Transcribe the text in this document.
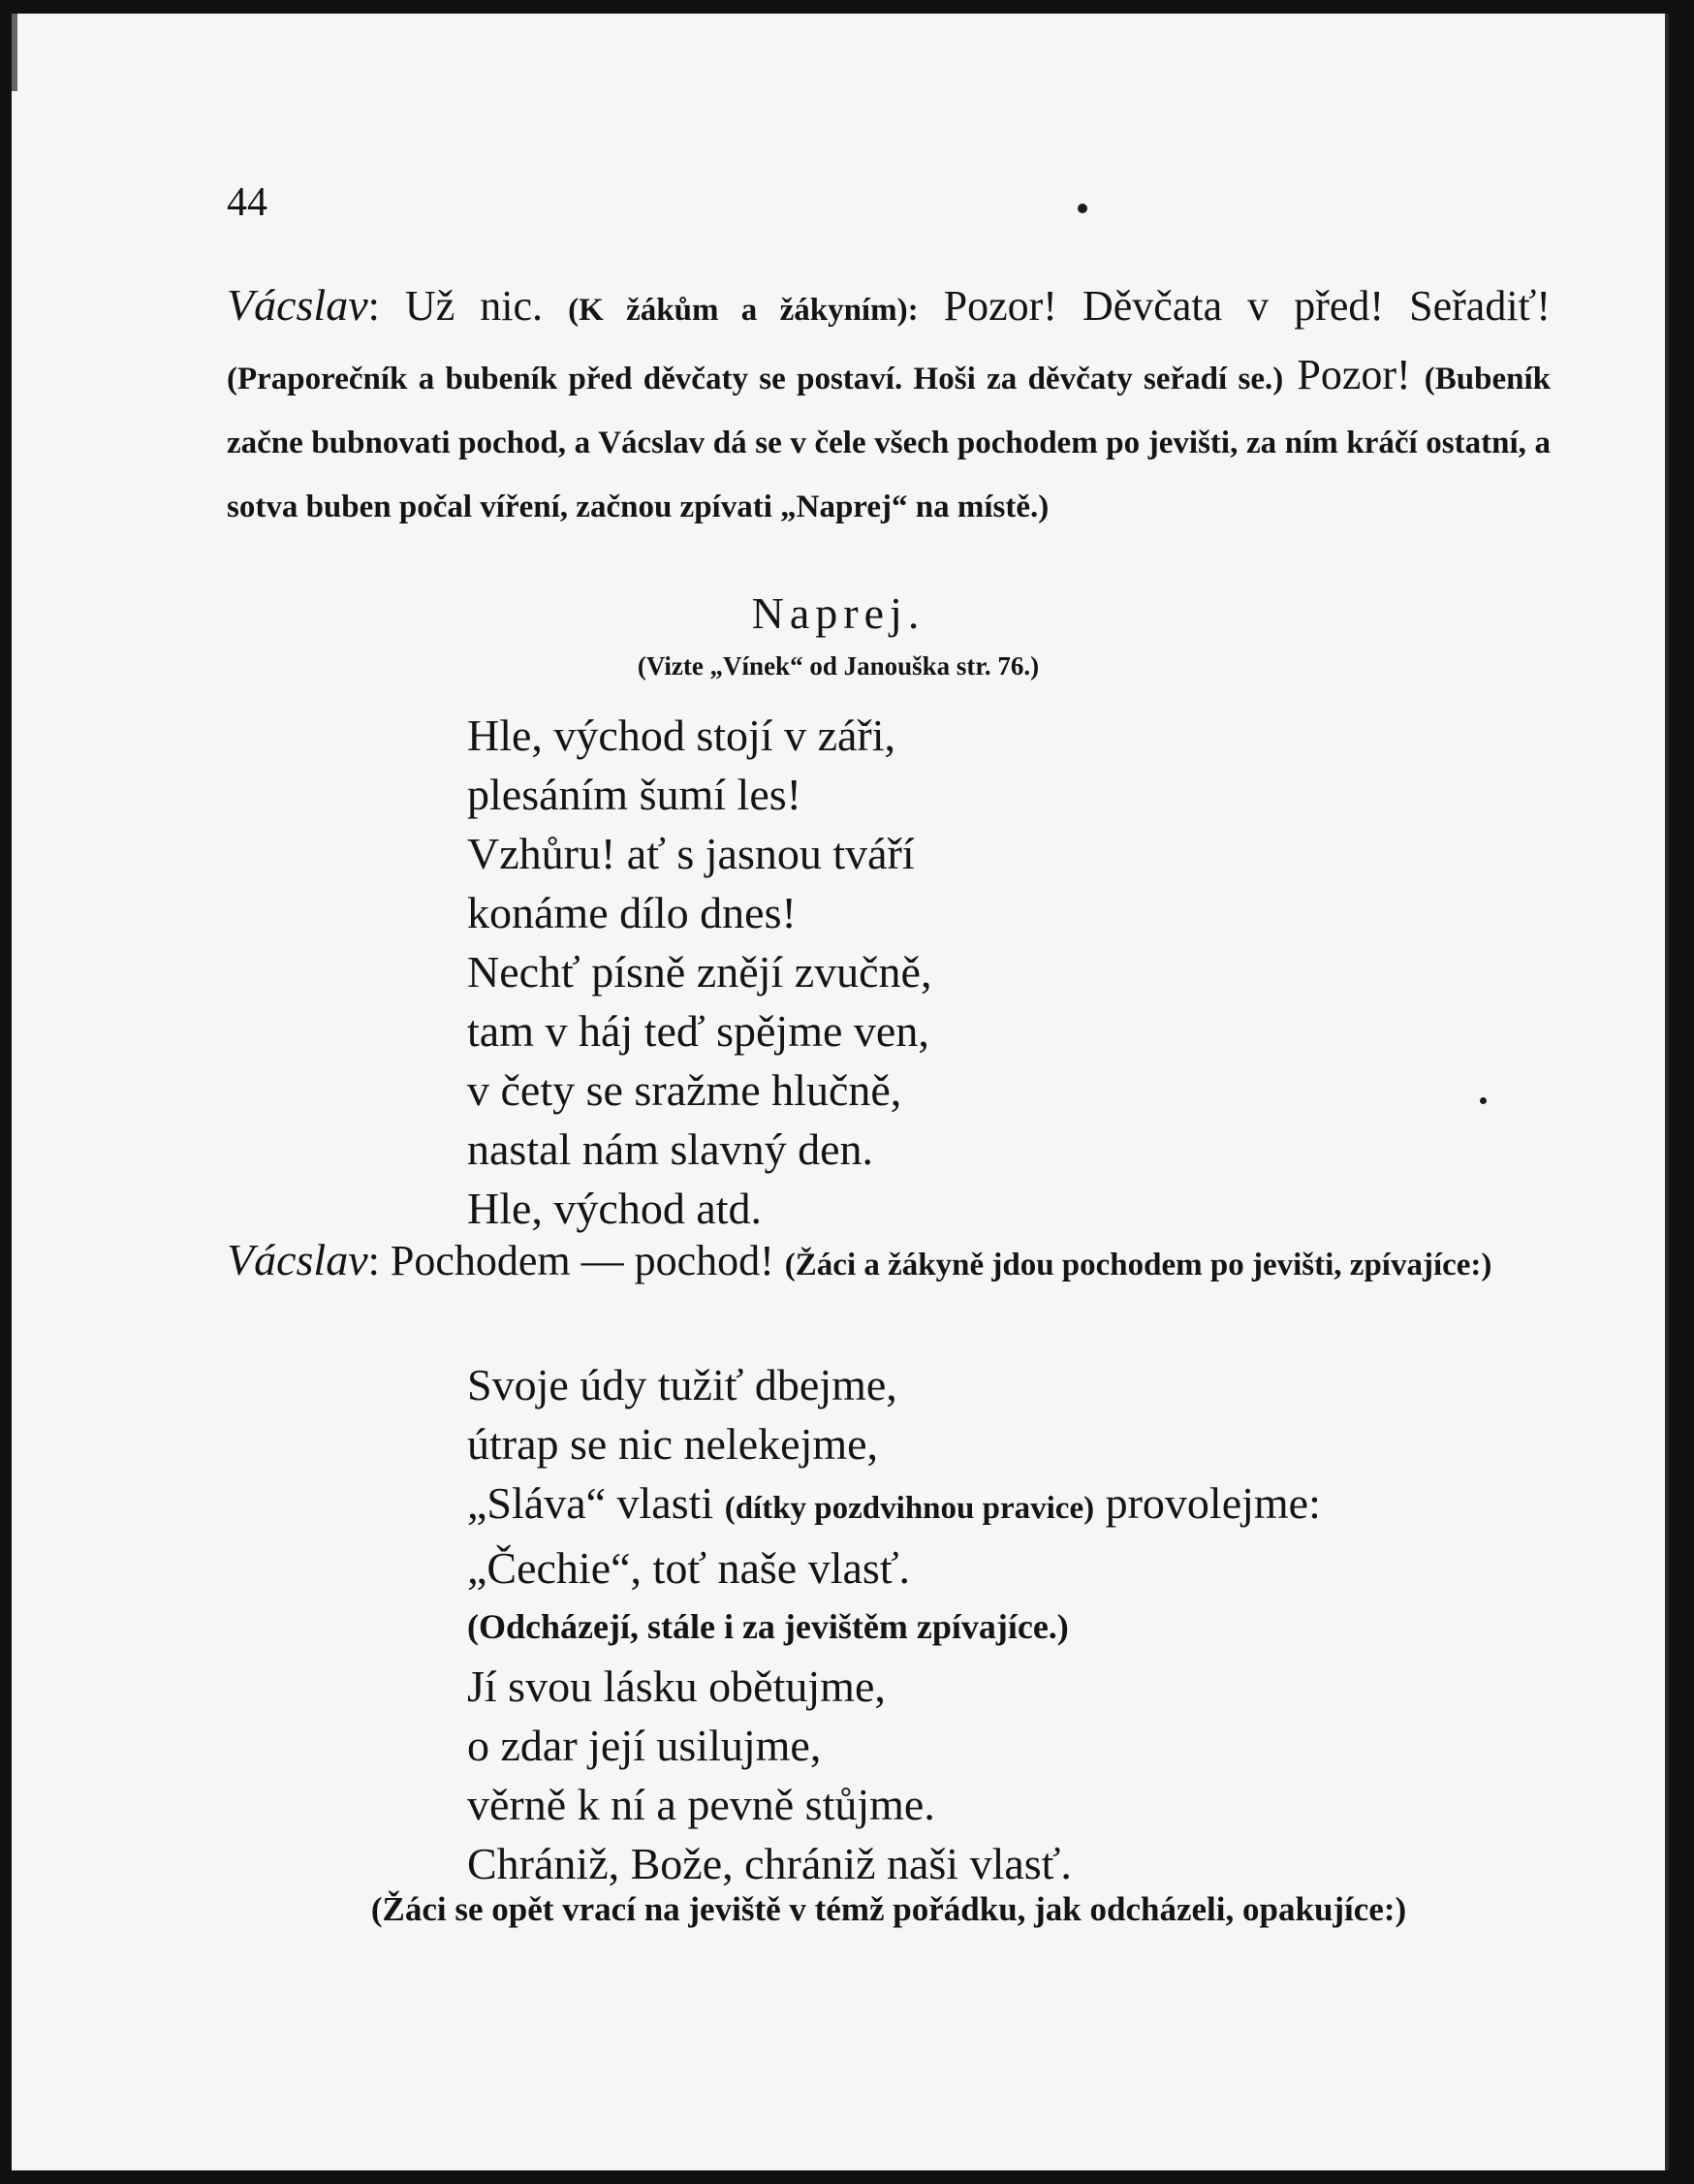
44
Vácslav: Už nic. (K žákům a žákyním): Pozor! Děvčata v před! Seřadiť! (Praporečník a bubeník před děvčaty se postaví. Hoši za děvčaty seřadí se.) Pozor! (Bubeník začne bubnovati pochod, a Vácslav dá se v čele všech pochodem po jevišti, za ním kráčí ostatní, a sotva buben počal víření, začnou zpívati „Naprej“ na místě.)
Naprej.
(Vizte „Vínek“ od Janouška str. 76.)
Hle, východ stojí v záři,
plesáním šumí les!
Vzhůru! ať s jasnou tváří
konáme dílo dnes!
Nechť písně znějí zvučně,
tam v háj teď spějme ven,
v čety se sražme hlučně,
nastal nám slavný den.
Hle, východ atd.
Vácslav: Pochodem — pochod! (Žáci a žákyně jdou pochodem po jevišti, zpívajíce:)
Svoje údy tužiť dbejme,
útrap se nic nelekejme,
„Sláva“ vlasti (dítky pozdvihnou pravice) provolejme:
„Čechie“, toť naše vlasť.
(Odcházejí, stále i za jevištěm zpívajíce.)
Jí svou lásku obětujme,
o zdar její usilujme,
věrně k ní a pevně stůjme.
Chrániž, Bože, chrániž naši vlasť.
(Žáci se opět vrací na jeviště v témž pořádku, jak odcházeli, opakujíce:)
